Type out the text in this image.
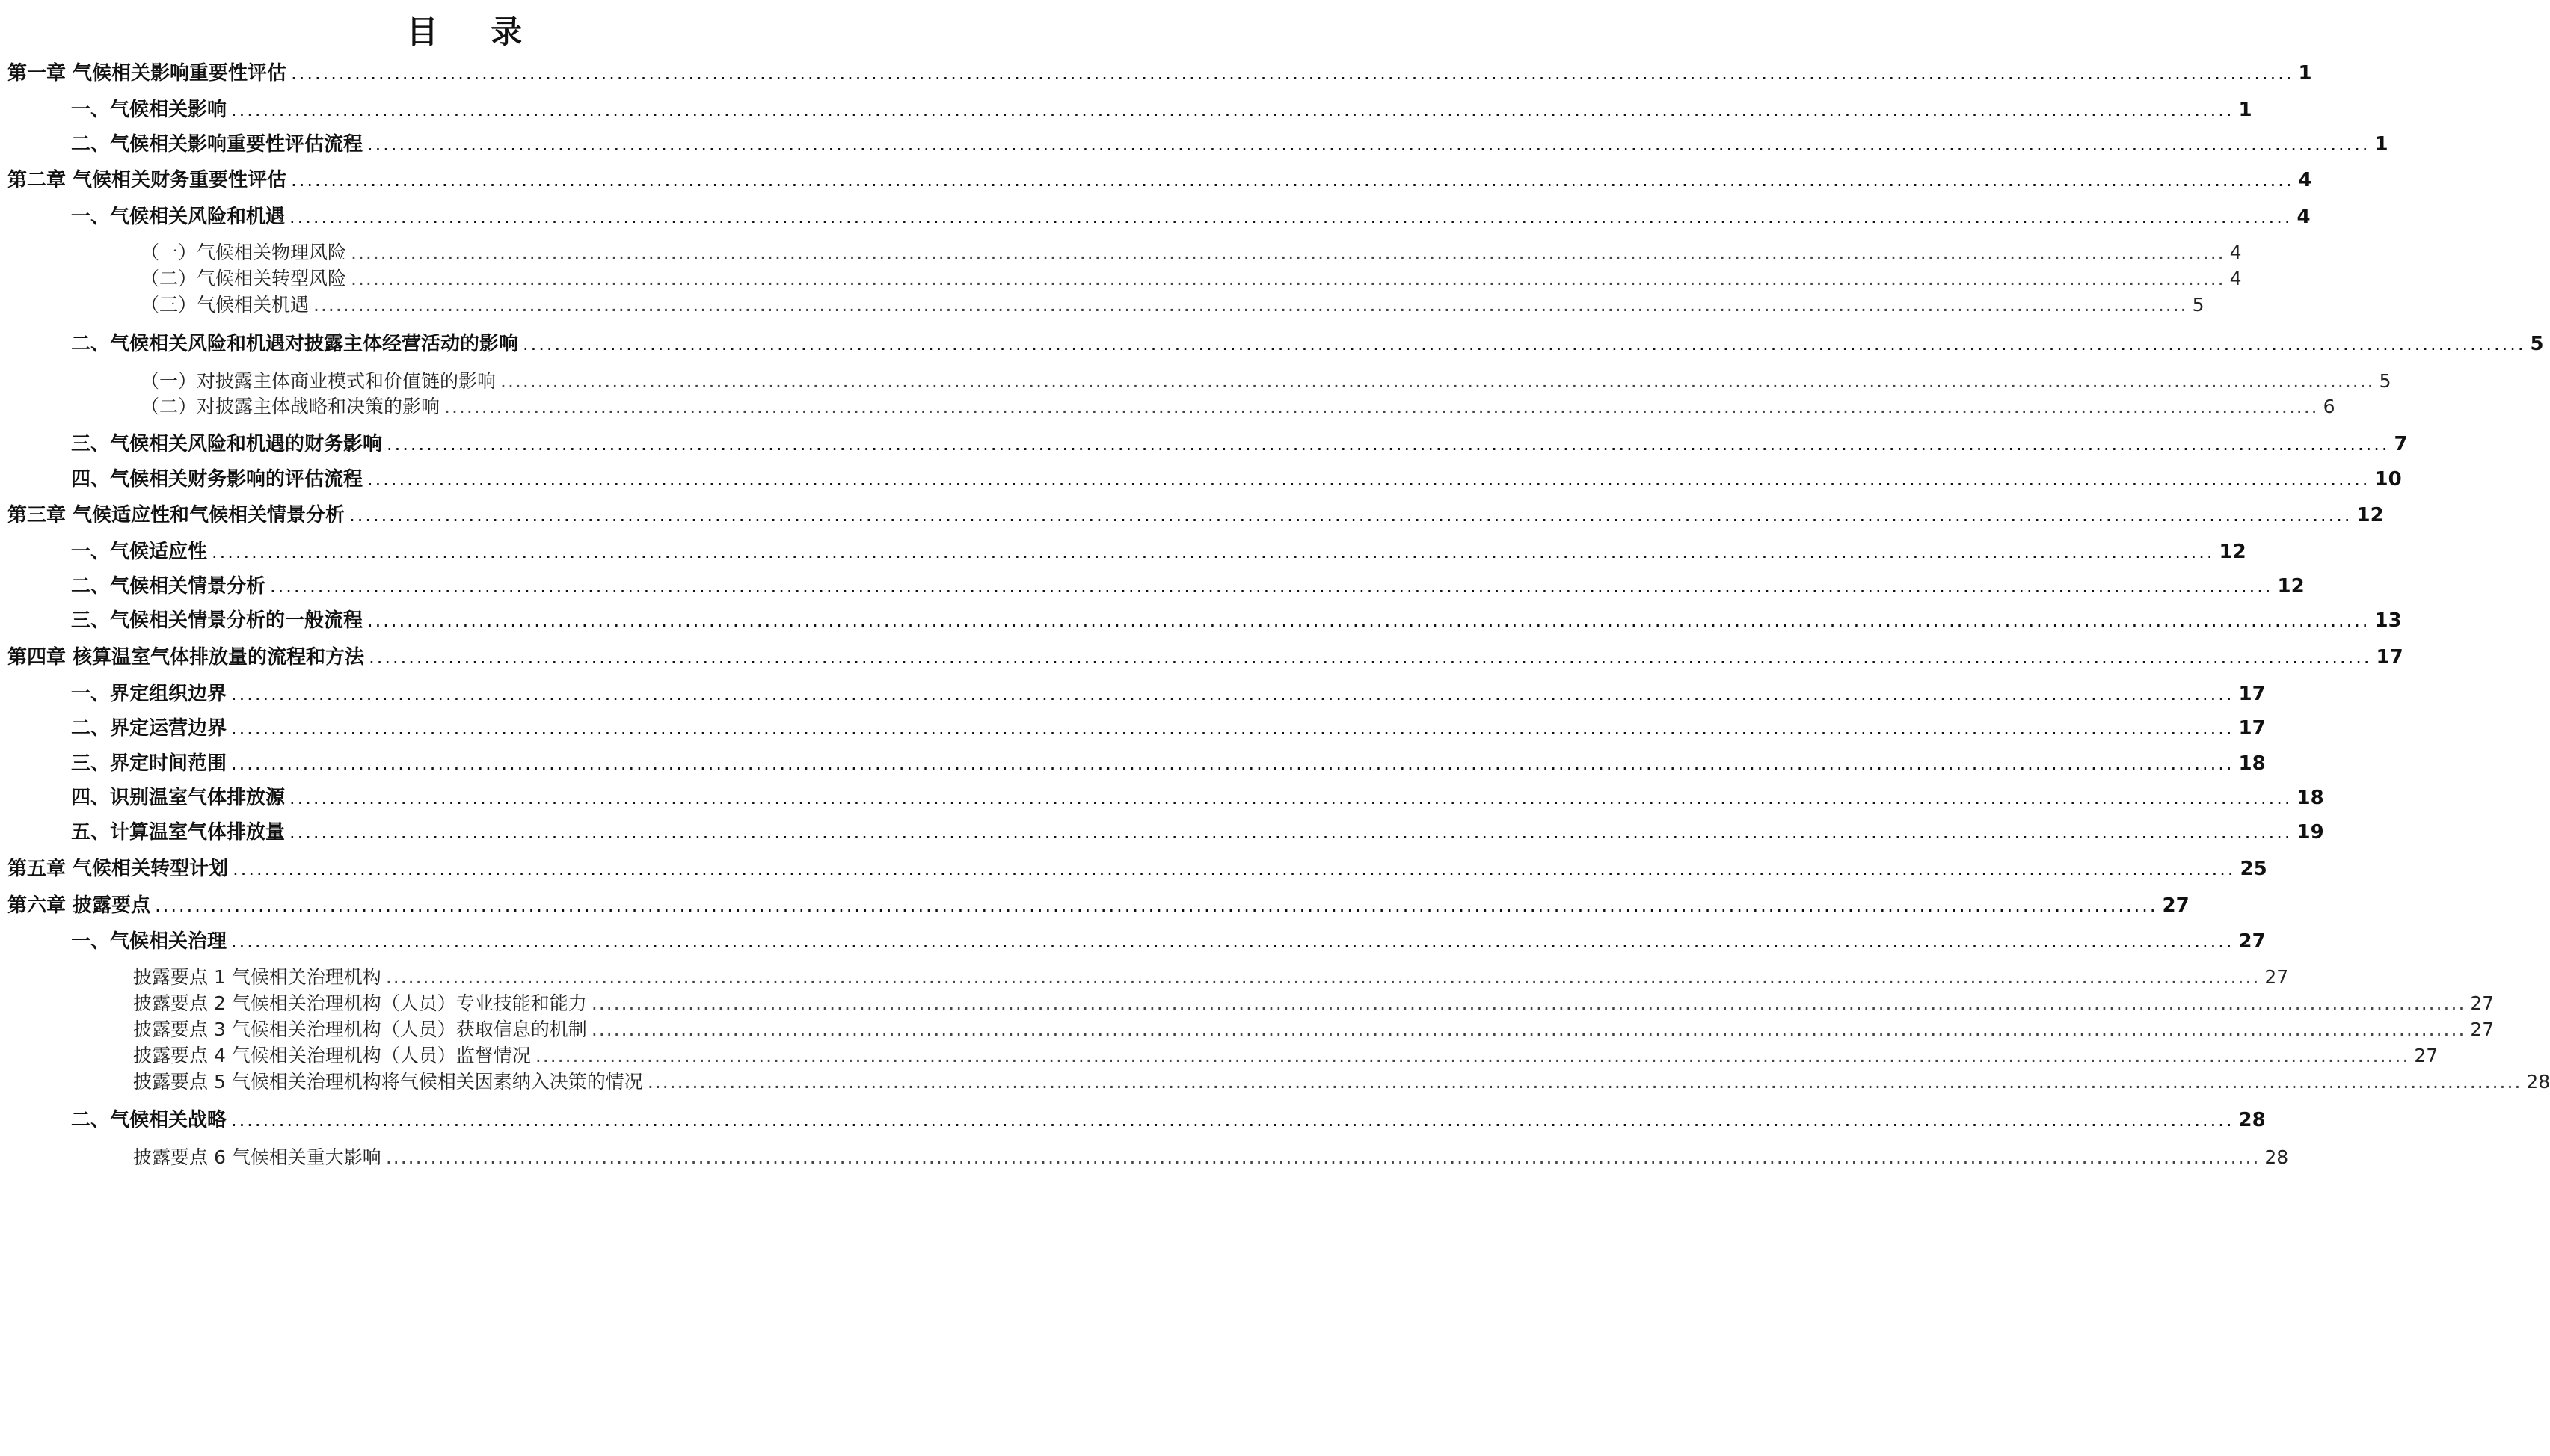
目 录
第一章 气候相关影响重要性评估 ............................................................................................................................................................................................................................................................ 1
一、气候相关影响 ............................................................................................................................................................................................................................................................ 1
二、气候相关影响重要性评估流程 ............................................................................................................................................................................................................................................................ 1
第二章 气候相关财务重要性评估 ............................................................................................................................................................................................................................................................ 4
一、气候相关风险和机遇 ............................................................................................................................................................................................................................................................ 4
（一）气候相关物理风险 ............................................................................................................................................................................................................................................................ 4
（二）气候相关转型风险 ............................................................................................................................................................................................................................................................ 4
（三）气候相关机遇 ............................................................................................................................................................................................................................................................ 5
二、气候相关风险和机遇对披露主体经营活动的影响 ............................................................................................................................................................................................................................................................ 5
（一）对披露主体商业模式和价值链的影响 ............................................................................................................................................................................................................................................................ 5
（二）对披露主体战略和决策的影响 ............................................................................................................................................................................................................................................................ 6
三、气候相关风险和机遇的财务影响 ............................................................................................................................................................................................................................................................ 7
四、气候相关财务影响的评估流程 ............................................................................................................................................................................................................................................................ 10
第三章 气候适应性和气候相关情景分析 ............................................................................................................................................................................................................................................................ 12
一、气候适应性 ............................................................................................................................................................................................................................................................ 12
二、气候相关情景分析 ............................................................................................................................................................................................................................................................ 12
三、气候相关情景分析的一般流程 ............................................................................................................................................................................................................................................................ 13
第四章 核算温室气体排放量的流程和方法 ............................................................................................................................................................................................................................................................ 17
一、界定组织边界 ............................................................................................................................................................................................................................................................ 17
二、界定运营边界 ............................................................................................................................................................................................................................................................ 17
三、界定时间范围 ............................................................................................................................................................................................................................................................ 18
四、识别温室气体排放源 ............................................................................................................................................................................................................................................................ 18
五、计算温室气体排放量 ............................................................................................................................................................................................................................................................ 19
第五章 气候相关转型计划 ............................................................................................................................................................................................................................................................ 25
第六章 披露要点 ............................................................................................................................................................................................................................................................ 27
一、气候相关治理 ............................................................................................................................................................................................................................................................ 27
披露要点 1 气候相关治理机构 ............................................................................................................................................................................................................................................................ 27
披露要点 2 气候相关治理机构（人员）专业技能和能力 ............................................................................................................................................................................................................................................................ 27
披露要点 3 气候相关治理机构（人员）获取信息的机制 ............................................................................................................................................................................................................................................................ 27
披露要点 4 气候相关治理机构（人员）监督情况 ............................................................................................................................................................................................................................................................ 27
披露要点 5 气候相关治理机构将气候相关因素纳入决策的情况 ............................................................................................................................................................................................................................................................ 28
二、气候相关战略 ............................................................................................................................................................................................................................................................ 28
披露要点 6 气候相关重大影响 ............................................................................................................................................................................................................................................................ 28
